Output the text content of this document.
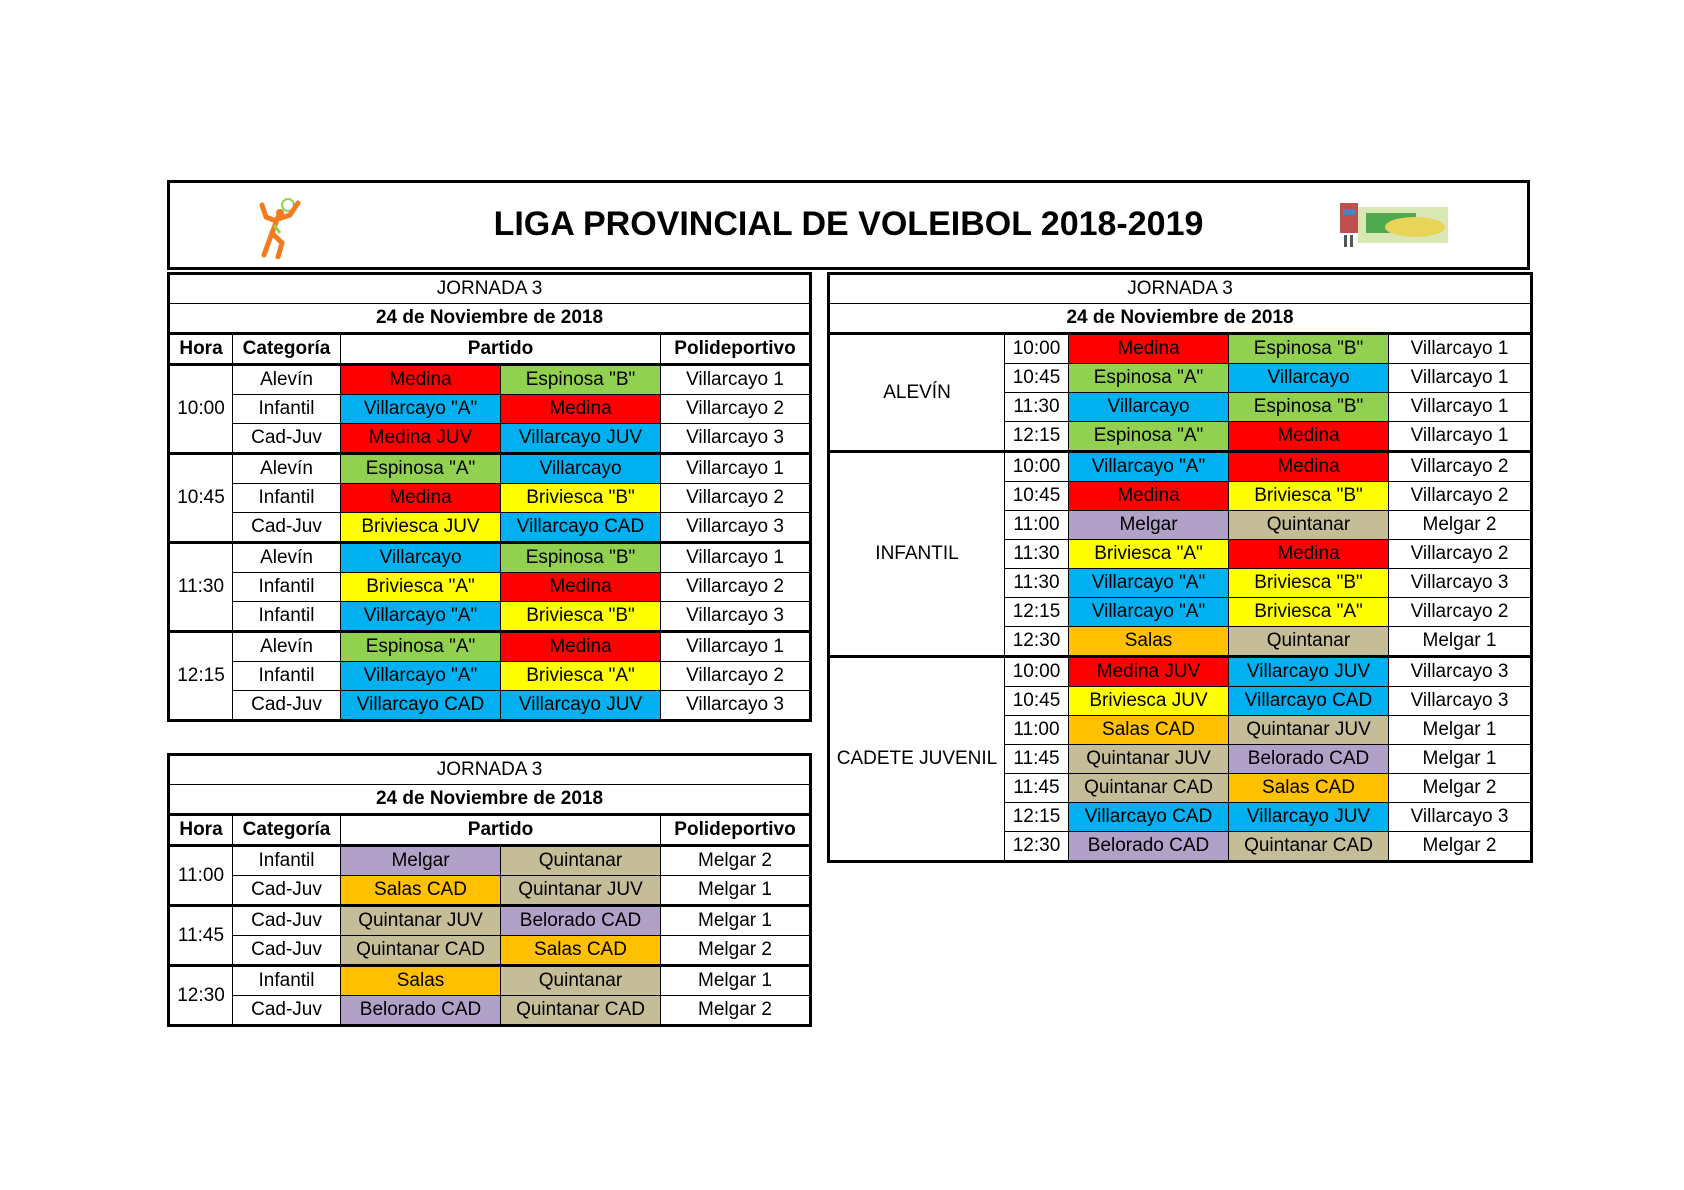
LIGA PROVINCIAL DE VOLEIBOL 2018-2019
JORNADA 3				
24 de Noviembre de 2018				
Hora	Categoría	Partido		Polideportivo
10:00	Alevín	Medina	Espinosa "B"	Villarcayo 1
	Infantil	Villarcayo "A"	Medina	Villarcayo 2
	Cad-Juv	Medina JUV	Villarcayo JUV	Villarcayo 3
10:45	Alevín	Espinosa "A"	Villarcayo	Villarcayo 1
	Infantil	Medina	Briviesca "B"	Villarcayo 2
	Cad-Juv	Briviesca JUV	Villarcayo CAD	Villarcayo 3
11:30	Alevín	Villarcayo	Espinosa "B"	Villarcayo 1
	Infantil	Briviesca "A"	Medina	Villarcayo 2
	Infantil	Villarcayo "A"	Briviesca "B"	Villarcayo 3
12:15	Alevín	Espinosa "A"	Medina	Villarcayo 1
	Infantil	Villarcayo "A"	Briviesca "A"	Villarcayo 2
	Cad-Juv	Villarcayo CAD	Villarcayo JUV	Villarcayo 3
JORNADA 3				
24 de Noviembre de 2018				
Hora	Categoría	Partido		Polideportivo
11:00	Infantil	Melgar	Quintanar	Melgar 2
	Cad-Juv	Salas CAD	Quintanar JUV	Melgar 1
11:45	Cad-Juv	Quintanar JUV	Belorado CAD	Melgar 1
	Cad-Juv	Quintanar CAD	Salas CAD	Melgar 2
12:30	Infantil	Salas	Quintanar	Melgar 1
	Cad-Juv	Belorado CAD	Quintanar CAD	Melgar 2
JORNADA 3				
24 de Noviembre de 2018				
ALEVÍN	10:00	Medina	Espinosa "B"	Villarcayo 1
	10:45	Espinosa "A"	Villarcayo	Villarcayo 1
	11:30	Villarcayo	Espinosa "B"	Villarcayo 1
	12:15	Espinosa "A"	Medina	Villarcayo 1
INFANTIL	10:00	Villarcayo "A"	Medina	Villarcayo 2
	10:45	Medina	Briviesca "B"	Villarcayo 2
	11:00	Melgar	Quintanar	Melgar 2
	11:30	Briviesca "A"	Medina	Villarcayo 2
	11:30	Villarcayo "A"	Briviesca "B"	Villarcayo 3
	12:15	Villarcayo "A"	Briviesca "A"	Villarcayo 2
	12:30	Salas	Quintanar	Melgar 1
CADETE JUVENIL	10:00	Medina JUV	Villarcayo JUV	Villarcayo 3
	10:45	Briviesca JUV	Villarcayo CAD	Villarcayo 3
	11:00	Salas CAD	Quintanar JUV	Melgar 1
	11:45	Quintanar JUV	Belorado CAD	Melgar 1
	11:45	Quintanar CAD	Salas CAD	Melgar 2
	12:15	Villarcayo CAD	Villarcayo JUV	Villarcayo 3
	12:30	Belorado CAD	Quintanar CAD	Melgar 2
